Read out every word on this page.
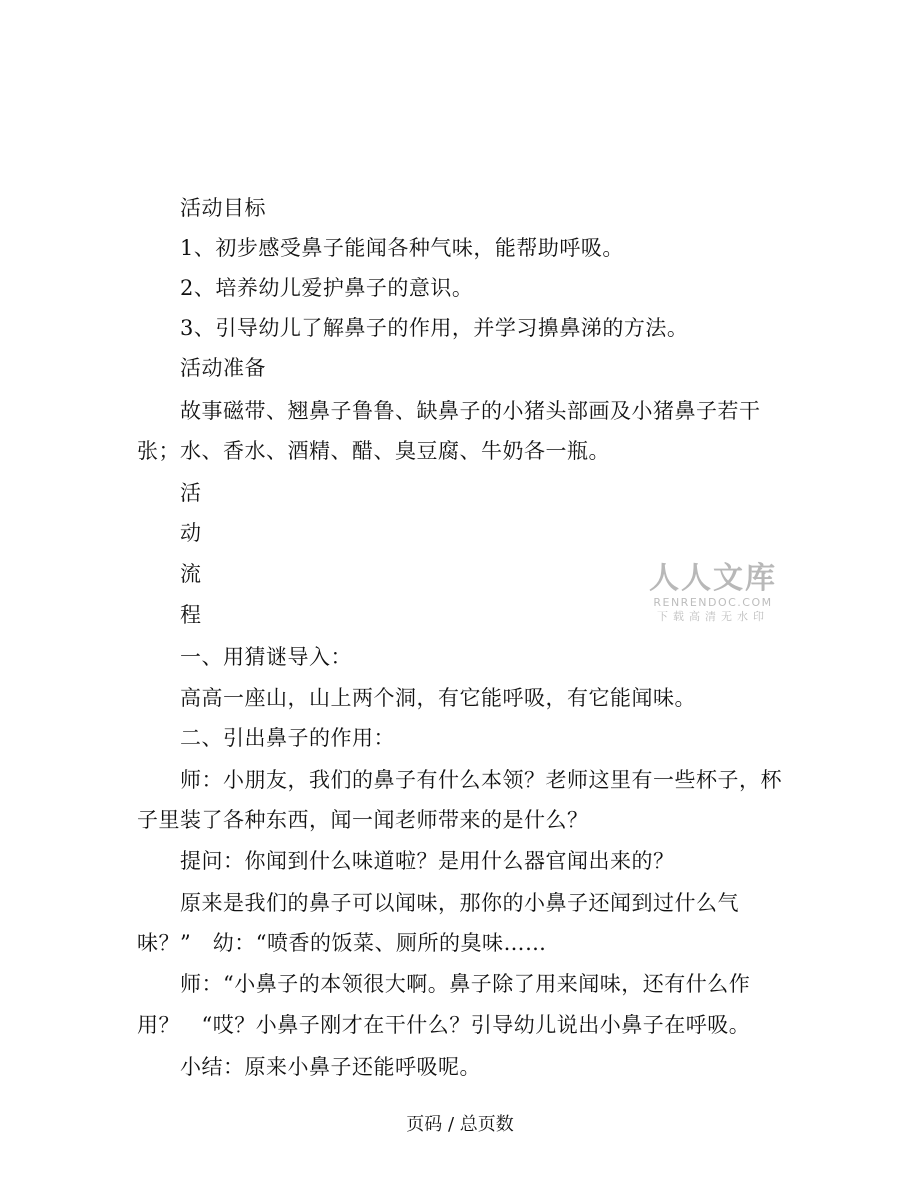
活动目标
1、初步感受鼻子能闻各种气味，能帮助呼吸。
2、培养幼儿爱护鼻子的意识。
3、引导幼儿了解鼻子的作用，并学习擤鼻涕的方法。
活动准备
故事磁带、翘鼻子鲁鲁、缺鼻子的小猪头部画及小猪鼻子若干
张；水、香水、酒精、醋、臭豆腐、牛奶各一瓶。
活
动
流
程
一、用猜谜导入：
高高一座山，山上两个洞，有它能呼吸，有它能闻味。
二、引出鼻子的作用：
师：小朋友，我们的鼻子有什么本领？老师这里有一些杯子，杯
子里装了各种东西，闻一闻老师带来的是什么？
提问：你闻到什么味道啦？是用什么器官闻出来的？
原来是我们的鼻子可以闻味，那你的小鼻子还闻到过什么气
味？”　幼：“喷香的饭菜、厕所的臭味……
师：“小鼻子的本领很大啊。鼻子除了用来闻味，还有什么作
用？　“哎？小鼻子刚才在干什么？引导幼儿说出小鼻子在呼吸。
小结：原来小鼻子还能呼吸呢。
人人文库
RENRENDOC.COM
下载高清无水印
页码 / 总页数
